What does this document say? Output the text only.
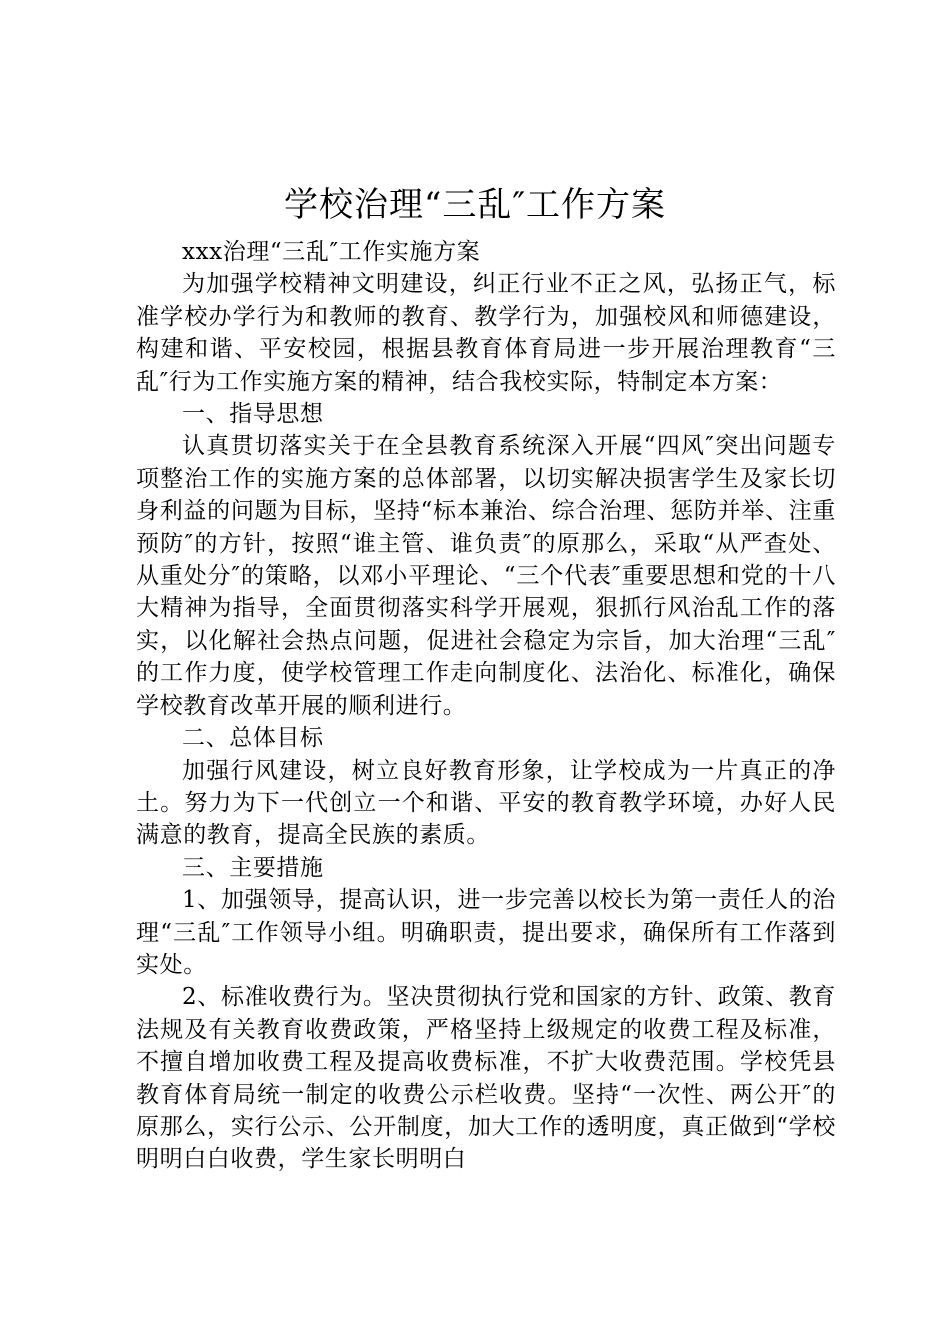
学校治理“三乱″工作方案

xxx治理“三乱″工作实施方案

为加强学校精神文明建设，纠正行业不正之风，弘扬正气，标准学校办学行为和教师的教育、教学行为，加强校风和师德建设，构建和谐、平安校园，根据县教育体育局进一步开展治理教育“三乱″行为工作实施方案的精神，结合我校实际，特制定本方案：

一、指导思想

认真贯切落实关于在全县教育系统深入开展“四风″突出问题专项整治工作的实施方案的总体部署，以切实解决损害学生及家长切身利益的问题为目标，坚持“标本兼治、综合治理、惩防并举、注重预防″的方针，按照“谁主管、谁负责″的原那么，采取“从严查处、从重处分″的策略，以邓小平理论、“三个代表″重要思想和党的十八大精神为指导，全面贯彻落实科学开展观，狠抓行风治乱工作的落实，以化解社会热点问题，促进社会稳定为宗旨，加大治理“三乱″的工作力度，使学校管理工作走向制度化、法治化、标准化，确保学校教育改革开展的顺利进行。

二、总体目标

加强行风建设，树立良好教育形象，让学校成为一片真正的净土。努力为下一代创立一个和谐、平安的教育教学环境，办好人民满意的教育，提高全民族的素质。

三、主要措施

1、加强领导，提高认识，进一步完善以校长为第一责任人的治理“三乱″工作领导小组。明确职责，提出要求，确保所有工作落到实处。

2、标准收费行为。坚决贯彻执行党和国家的方针、政策、教育法规及有关教育收费政策，严格坚持上级规定的收费工程及标准，不擅自增加收费工程及提高收费标准，不扩大收费范围。学校凭县教育体育局统一制定的收费公示栏收费。坚持“一次性、两公开″的原那么，实行公示、公开制度，加大工作的透明度，真正做到“学校明明白白收费，学生家长明明白
